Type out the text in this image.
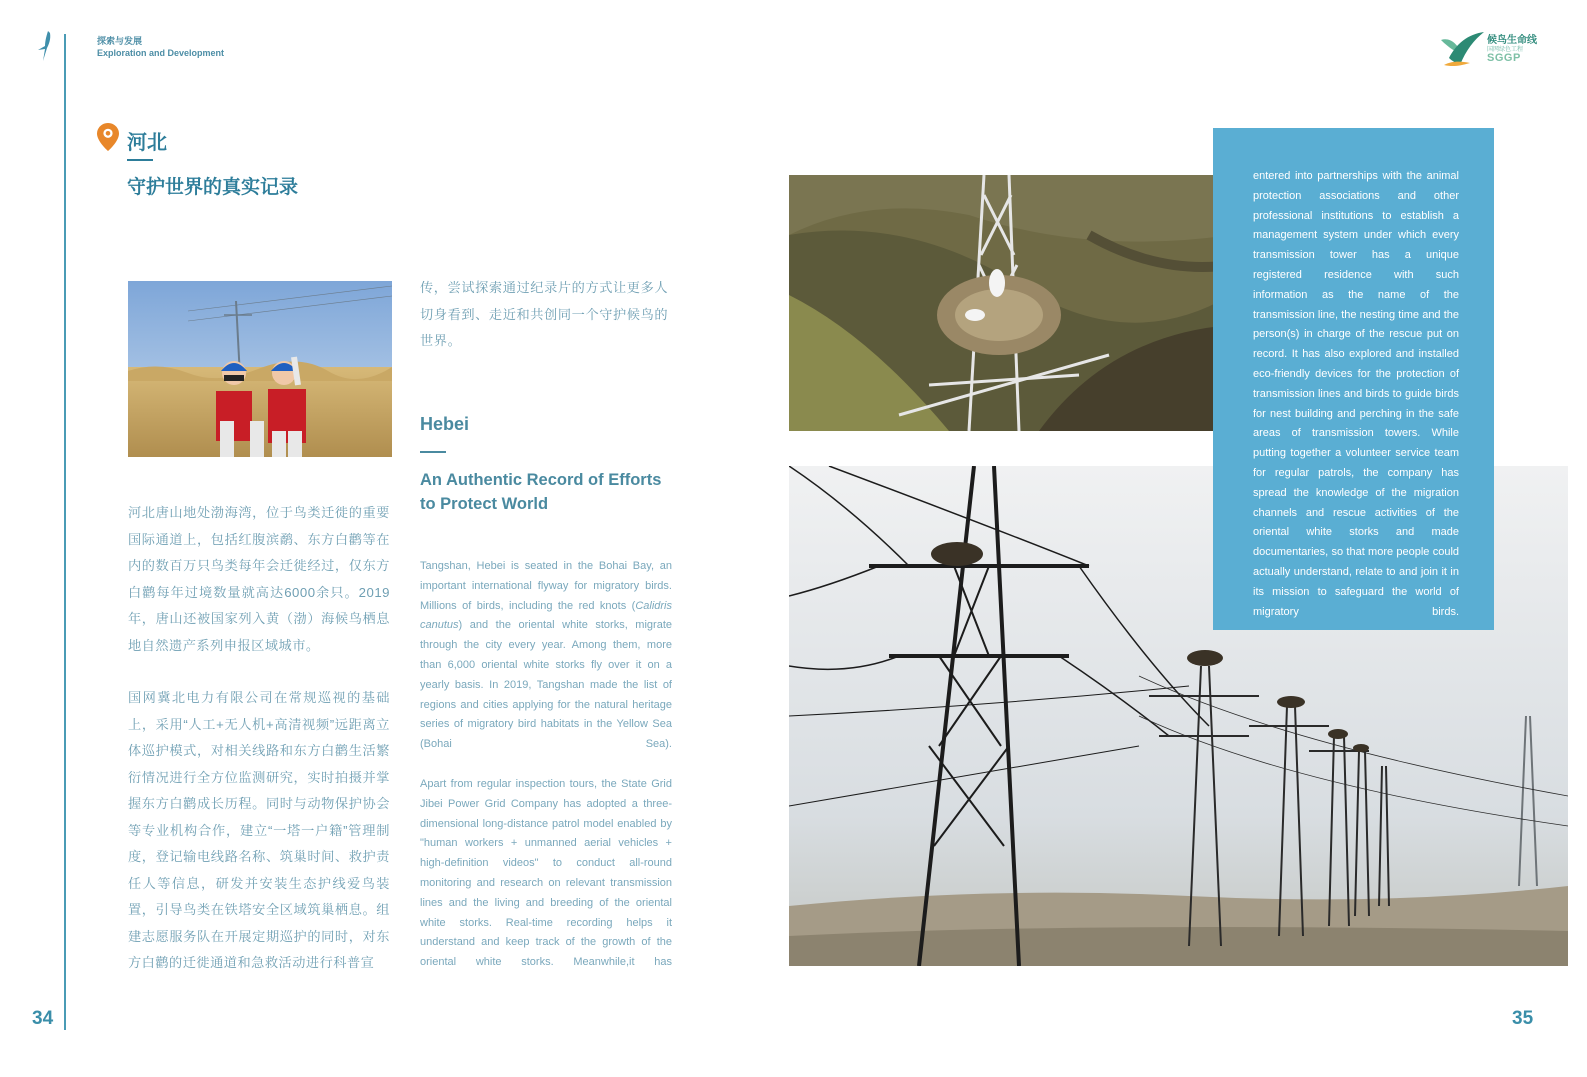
探索与发展
Exploration and Development
候鸟生命线
国网绿色工程
SGGP
河北
守护世界的真实记录
河北唐山地处渤海湾，位于鸟类迁徙的重要国际通道上，包括红腹滨鹬、东方白鹳等在内的数百万只鸟类每年会迁徙经过，仅东方白鹳每年过境数量就高达6000余只。2019年，唐山还被国家列入黄（渤）海候鸟栖息地自然遗产系列申报区域城市。
国网冀北电力有限公司在常规巡视的基础上，采用“人工+无人机+高清视频”远距离立体巡护模式，对相关线路和东方白鹳生活繁衍情况进行全方位监测研究，实时拍摄并掌握东方白鹳成长历程。同时与动物保护协会等专业机构合作，建立“一塔一户籍”管理制度，登记输电线路名称、筑巢时间、救护责任人等信息，研发并安装生态护线爱鸟装置，引导鸟类在铁塔安全区域筑巢栖息。组建志愿服务队在开展定期巡护的同时，对东方白鹳的迁徙通道和急救活动进行科普宣
传，尝试探索通过纪录片的方式让更多人切身看到、走近和共创同一个守护候鸟的世界。
Hebei
An Authentic Record of Efforts to Protect World
Tangshan, Hebei is seated in the Bohai Bay, an important international flyway for migratory birds. Millions of birds, including the red knots (Calidris canutus) and the oriental white storks, migrate through the city every year. Among them, more than 6,000 oriental white storks fly over it on a yearly basis. In 2019, Tangshan made the list of regions and cities applying for the natural heritage series of migratory bird habitats in the Yellow Sea (Bohai Sea).
Apart from regular inspection tours, the State Grid Jibei Power Grid Company has adopted a three-dimensional long-distance patrol model enabled by "human workers + unmanned aerial vehicles + high-definition videos" to conduct all-round monitoring and research on relevant transmission lines and the living and breeding of the oriental white storks. Real-time recording helps it understand and keep track of the growth of the oriental white storks. Meanwhile,it has
entered into partnerships with the animal protection associations and other professional institutions to establish a management system under which every transmission tower has a unique registered residence with such information as the name of the transmission line, the nesting time and the person(s) in charge of the rescue put on record. It has also explored and installed eco-friendly devices for the protection of transmission lines and birds to guide birds for nest building and perching in the safe areas of transmission towers. While putting together a volunteer service team for regular patrols, the company has spread the knowledge of the migration channels and rescue activities of the oriental white storks and made documentaries, so that more people could actually understand, relate to and join it in its mission to safeguard the world of migratory birds.
34	35
